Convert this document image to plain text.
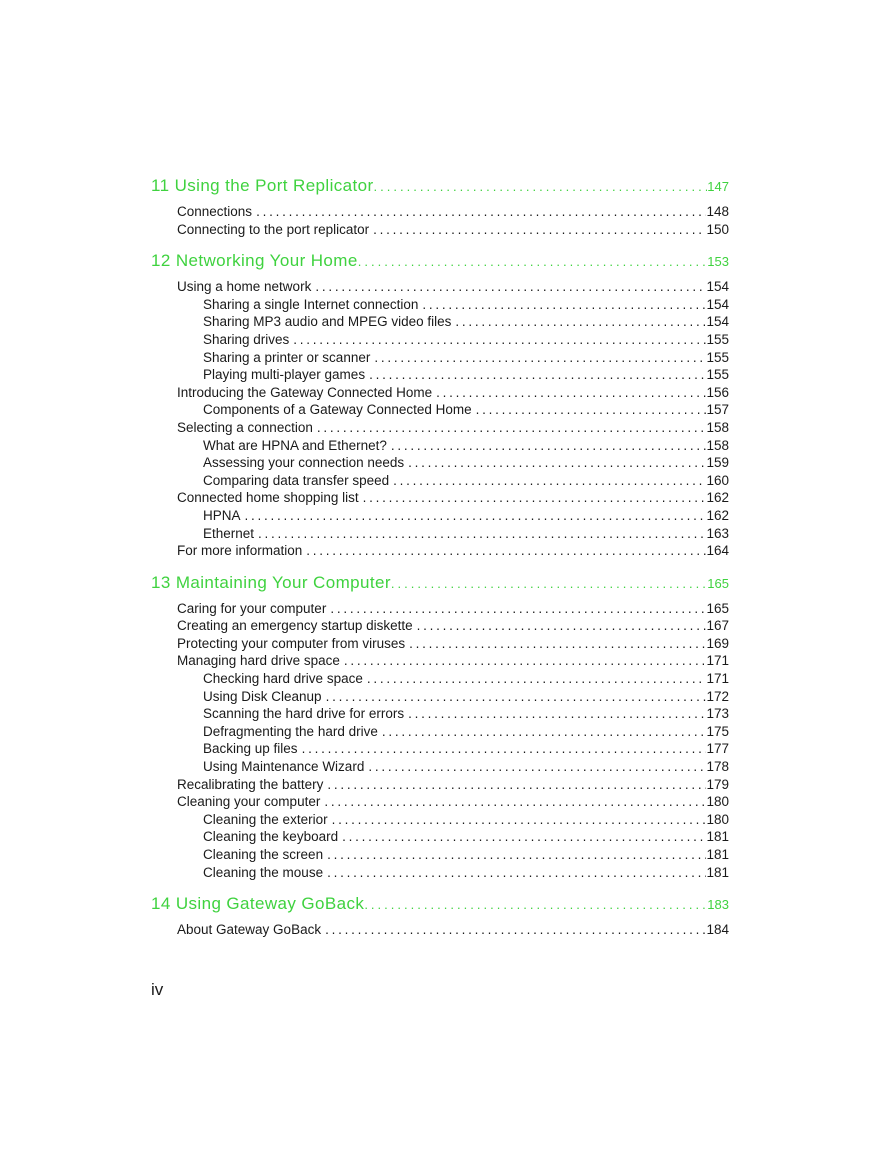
11 Using the Port Replicator . . .	147
Connections . . .	148
Connecting to the port replicator . . .	150
12 Networking Your Home . . .	153
Using a home network . . .	154
Sharing a single Internet connection . . .	154
Sharing MP3 audio and MPEG video files . . .	154
Sharing drives . . .	155
Sharing a printer or scanner . . .	155
Playing multi-player games . . .	155
Introducing the Gateway Connected Home . . .	156
Components of a Gateway Connected Home . . .	157
Selecting a connection . . .	158
What are HPNA and Ethernet? . . .	158
Assessing your connection needs . . .	159
Comparing data transfer speed . . .	160
Connected home shopping list . . .	162
HPNA . . .	162
Ethernet . . .	163
For more information . . .	164
13 Maintaining Your Computer . . .	165
Caring for your computer . . .	165
Creating an emergency startup diskette . . .	167
Protecting your computer from viruses . . .	169
Managing hard drive space . . .	171
Checking hard drive space . . .	171
Using Disk Cleanup . . .	172
Scanning the hard drive for errors . . .	173
Defragmenting the hard drive . . .	175
Backing up files . . .	177
Using Maintenance Wizard . . .	178
Recalibrating the battery . . .	179
Cleaning your computer . . .	180
Cleaning the exterior . . .	180
Cleaning the keyboard . . .	181
Cleaning the screen . . .	181
Cleaning the mouse . . .	181
14 Using Gateway GoBack . . .	183
About Gateway GoBack . . .	184
iv
